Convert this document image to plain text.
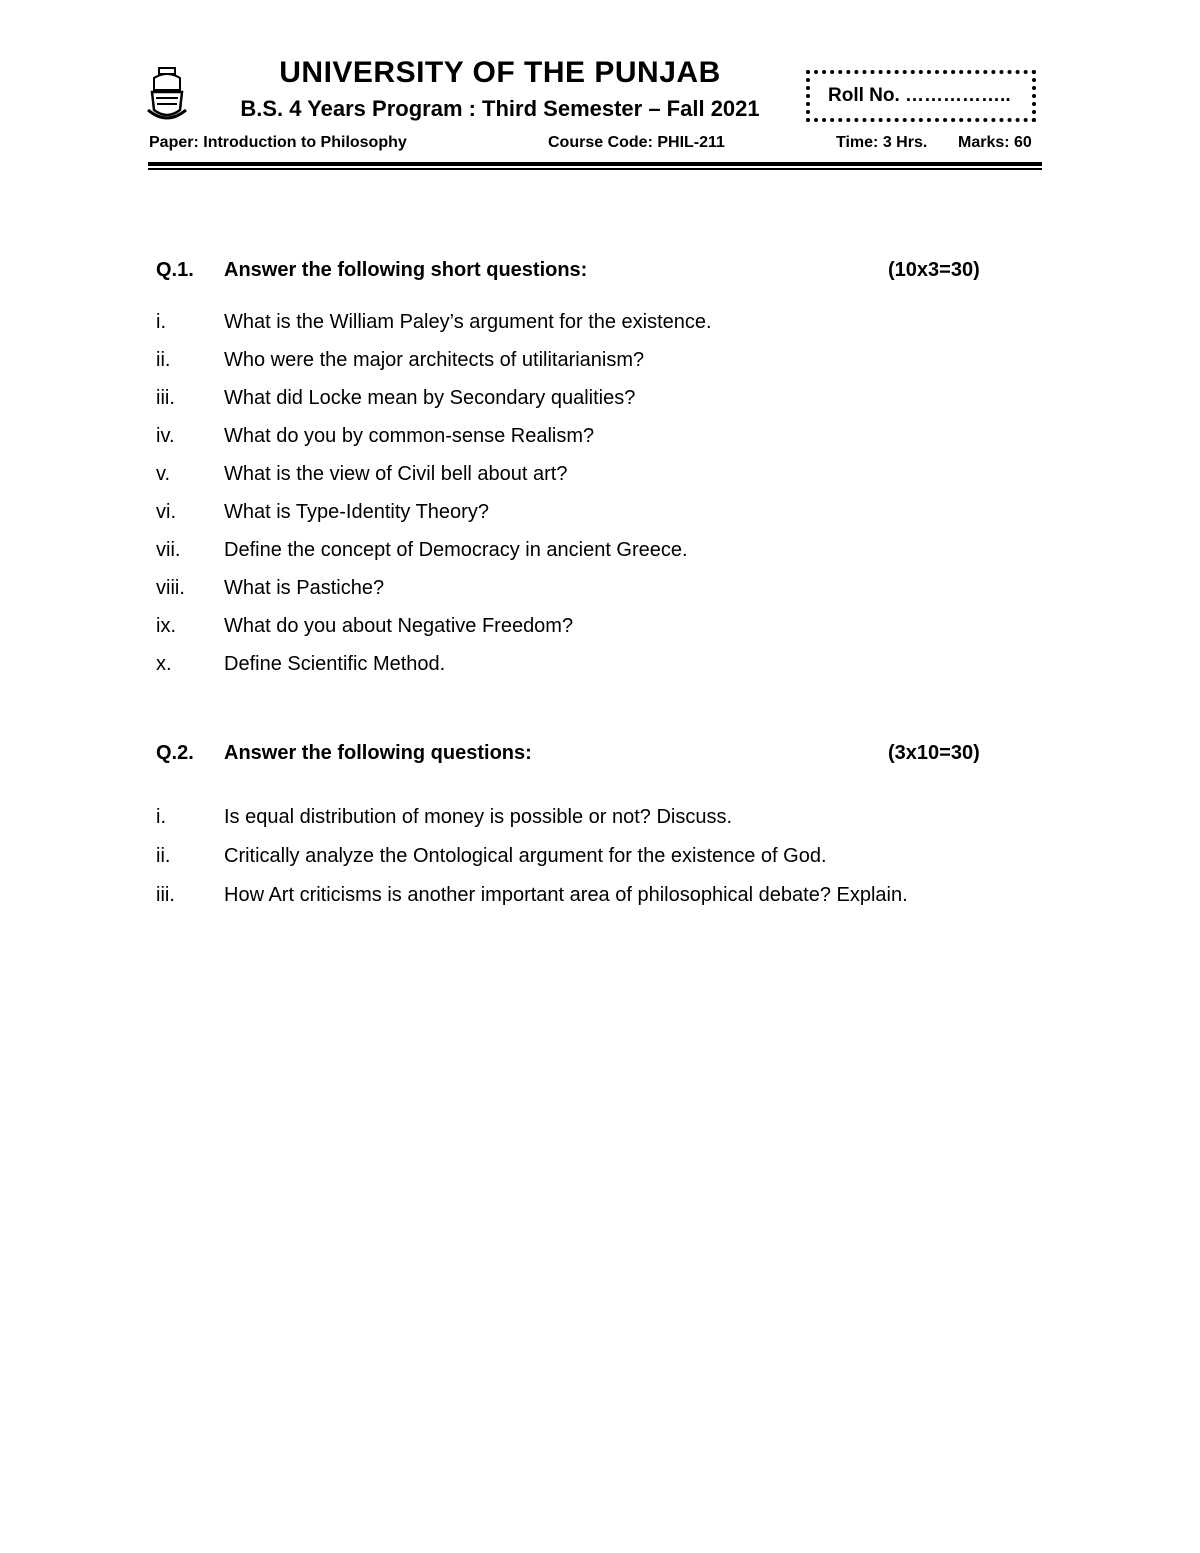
UNIVERSITY OF THE PUNJAB
B.S. 4 Years Program : Third Semester – Fall 2021
Roll No. ……………..
Paper: Introduction to Philosophy	Course Code: PHIL-211	Time: 3 Hrs. Marks: 60
Q.1. Answer the following short questions:	(10x3=30)
i.	What is the William Paley’s argument for the existence.
ii.	Who were the major architects of utilitarianism?
iii. What did Locke mean by Secondary qualities?
iv. What do you by common-sense Realism?
v.	What is the view of Civil bell about art?
vi. What is Type-Identity Theory?
vii. Define the concept of Democracy in ancient Greece.
viii. What is Pastiche?
ix. What do you about Negative Freedom?
x.	Define Scientific Method.
Q.2. Answer the following questions:	(3x10=30)
i.	Is equal distribution of money is possible or not? Discuss.
ii.	Critically analyze the Ontological argument for the existence of God.
iii. How Art criticisms is another important area of philosophical debate? Explain.
